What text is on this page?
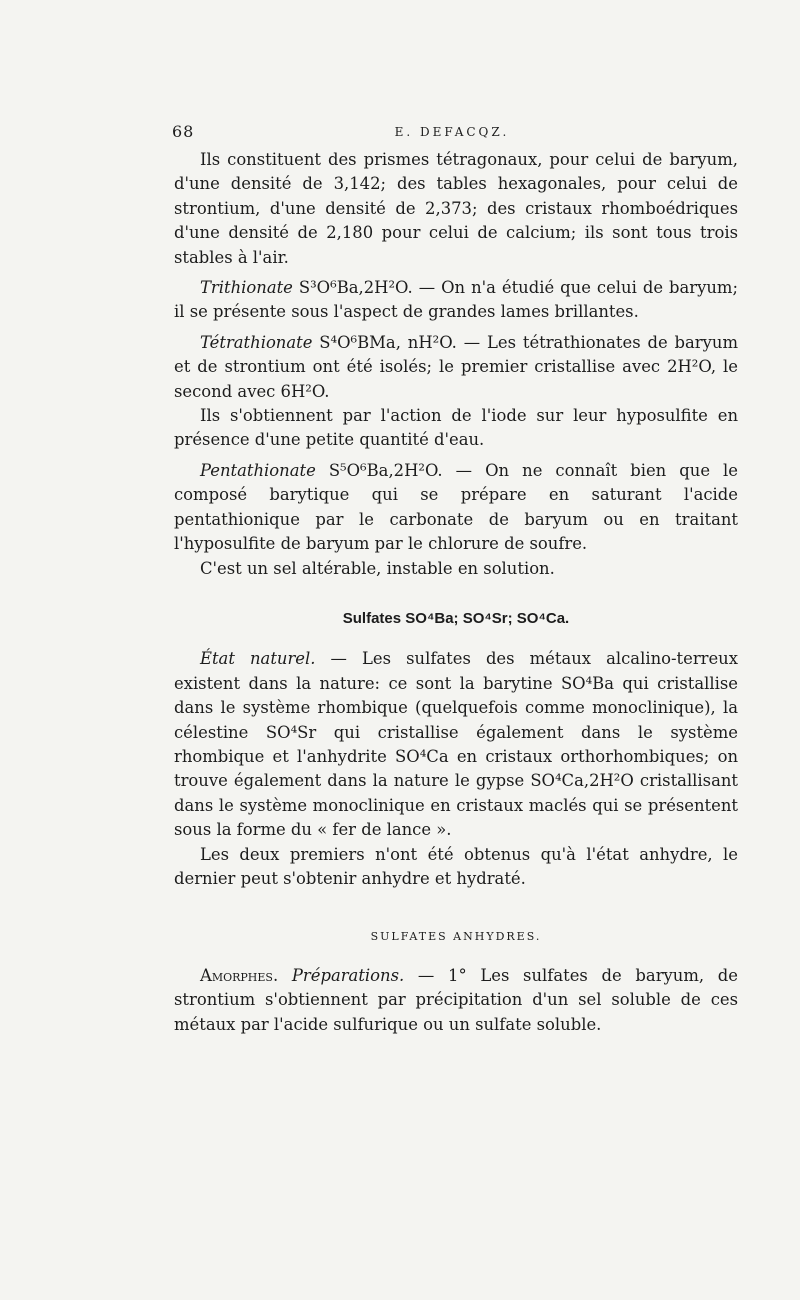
68	E. DEFACQZ.

Ils constituent des prismes tétragonaux, pour celui de baryum, d'une densité de 3,142; des tables hexagonales, pour celui de strontium, d'une densité de 2,373; des cristaux rhomboédriques d'une densité de 2,180 pour celui de calcium; ils sont tous trois stables à l'air.

Trithionate S³O⁶Ba,2H²O. — On n'a étudié que celui de baryum; il se présente sous l'aspect de grandes lames brillantes.

Tétrathionate S⁴O⁶BMa, nH²O. — Les tétrathionates de baryum et de strontium ont été isolés; le premier cristallise avec 2H²O, le second avec 6H²O.

Ils s'obtiennent par l'action de l'iode sur leur hyposulfite en présence d'une petite quantité d'eau.

Pentathionate S⁵O⁶Ba,2H²O. — On ne connaît bien que le composé barytique qui se prépare en saturant l'acide pentathionique par le carbonate de baryum ou en traitant l'hyposulfite de baryum par le chlorure de soufre.

C'est un sel altérable, instable en solution.

Sulfates SO⁴Ba; SO⁴Sr; SO⁴Ca.

État naturel. — Les sulfates des métaux alcalino-terreux existent dans la nature: ce sont la barytine SO⁴Ba qui cristallise dans le système rhombique (quelquefois comme monoclinique), la célestine SO⁴Sr qui cristallise également dans le système rhombique et l'anhydrite SO⁴Ca en cristaux orthorhombiques; on trouve également dans la nature le gypse SO⁴Ca,2H²O cristallisant dans le système monoclinique en cristaux maclés qui se présentent sous la forme du « fer de lance ».

Les deux premiers n'ont été obtenus qu'à l'état anhydre, le dernier peut s'obtenir anhydre et hydraté.

SULFATES ANHYDRES.

Amorphes. Préparations. — 1° Les sulfates de baryum, de strontium s'obtiennent par précipitation d'un sel soluble de ces métaux par l'acide sulfurique ou un sulfate soluble.
